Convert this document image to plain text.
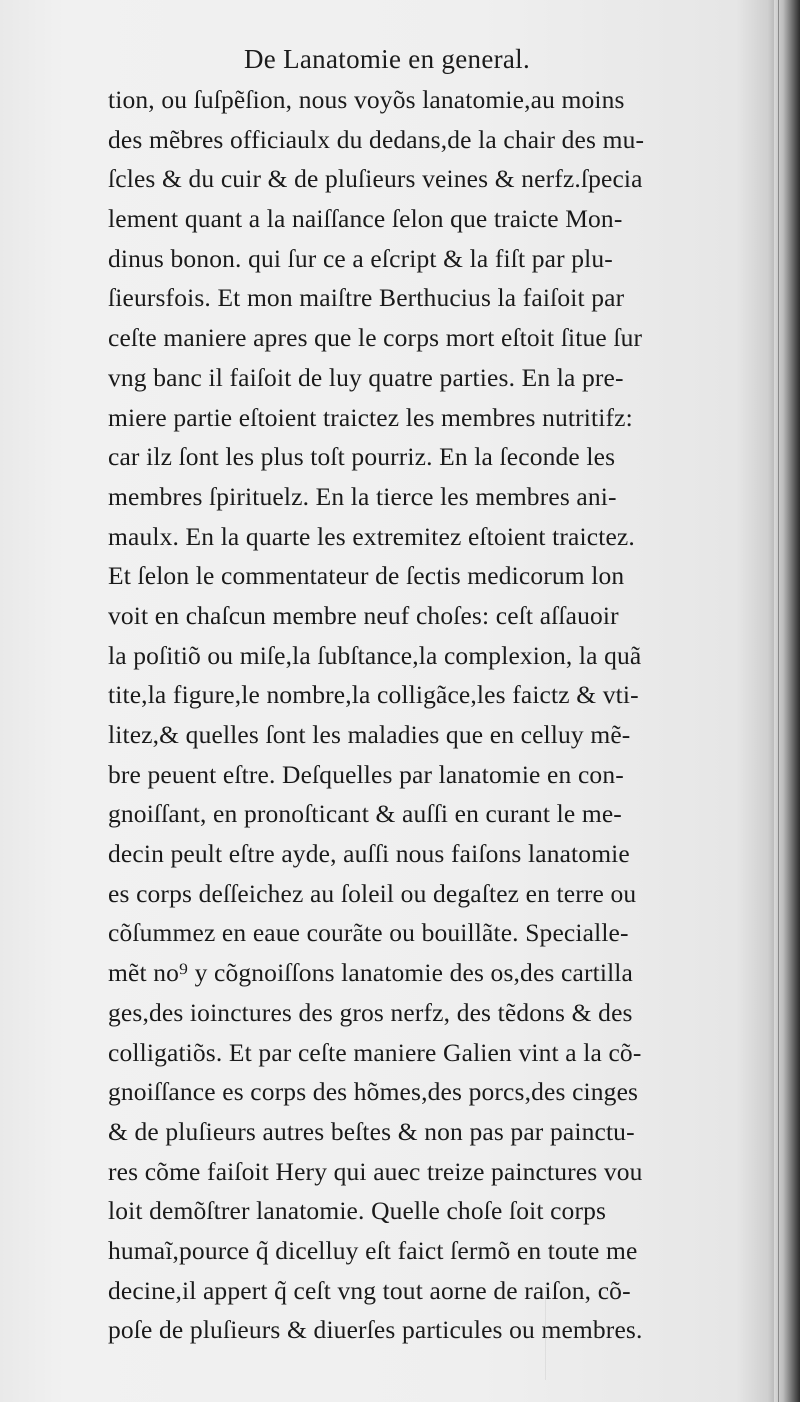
De Lanatomie en general.
tion, ou ſuſpẽſion, nous voyõs lanatomie,au moins
des mẽbres officiaulx du dedans,de la chair des mu-
ſcles & du cuir & de pluſieurs veines & nerfz.ſpecia
lement quant a la naiſſance ſelon que traicte Mon-
dinus bonon. qui ſur ce a eſcript & la fiſt par plu-
ſieursfois. Et mon maiſtre Berthucius la faiſoit par
ceſte maniere apres que le corps mort eſtoit ſitue ſur
vng banc il faiſoit de luy quatre parties. En la pre-
miere partie eſtoient traictez les membres nutritifz:
car ilz ſont les plus toſt pourriz. En la ſeconde les
membres ſpirituelz. En la tierce les membres ani-
maulx. En la quarte les extremitez eſtoient traictez.
Et ſelon le commentateur de ſectis medicorum lon
voit en chaſcun membre neuf choſes: ceſt aſſauoir
la poſitiõ ou miſe,la ſubſtance,la complexion, la quã
tite,la figure,le nombre,la colligãce,les faictz & vti-
litez,& quelles ſont les maladies que en celluy mẽ-
bre peuent eſtre. Deſquelles par lanatomie en con-
gnoiſſant, en pronoſticant & auſſi en curant le me-
decin peult eſtre ayde, auſſi nous faiſons lanatomie
es corps deſſeichez au ſoleil ou degaſtez en terre ou
cõſummez en eaue courãte ou bouillãte. Specialle-
mẽt no⁹ y cõgnoiſſons lanatomie des os,des cartilla
ges,des ioinctures des gros nerfz, des tẽdons & des
colligatiõs. Et par ceſte maniere Galien vint a la cõ-
gnoiſſance es corps des hõmes,des porcs,des cinges
& de pluſieurs autres beſtes & non pas par painctu-
res cõme faiſoit Hery qui auec treize painctures vou
loit demõſtrer lanatomie. Quelle choſe ſoit corps
humaĩ,pource q̃ dicelluy eſt faict ſermõ en toute me
decine,il appert q̃ ceſt vng tout aorne de raiſon, cõ-
poſe de pluſieurs & diuerſes particules ou membres.
